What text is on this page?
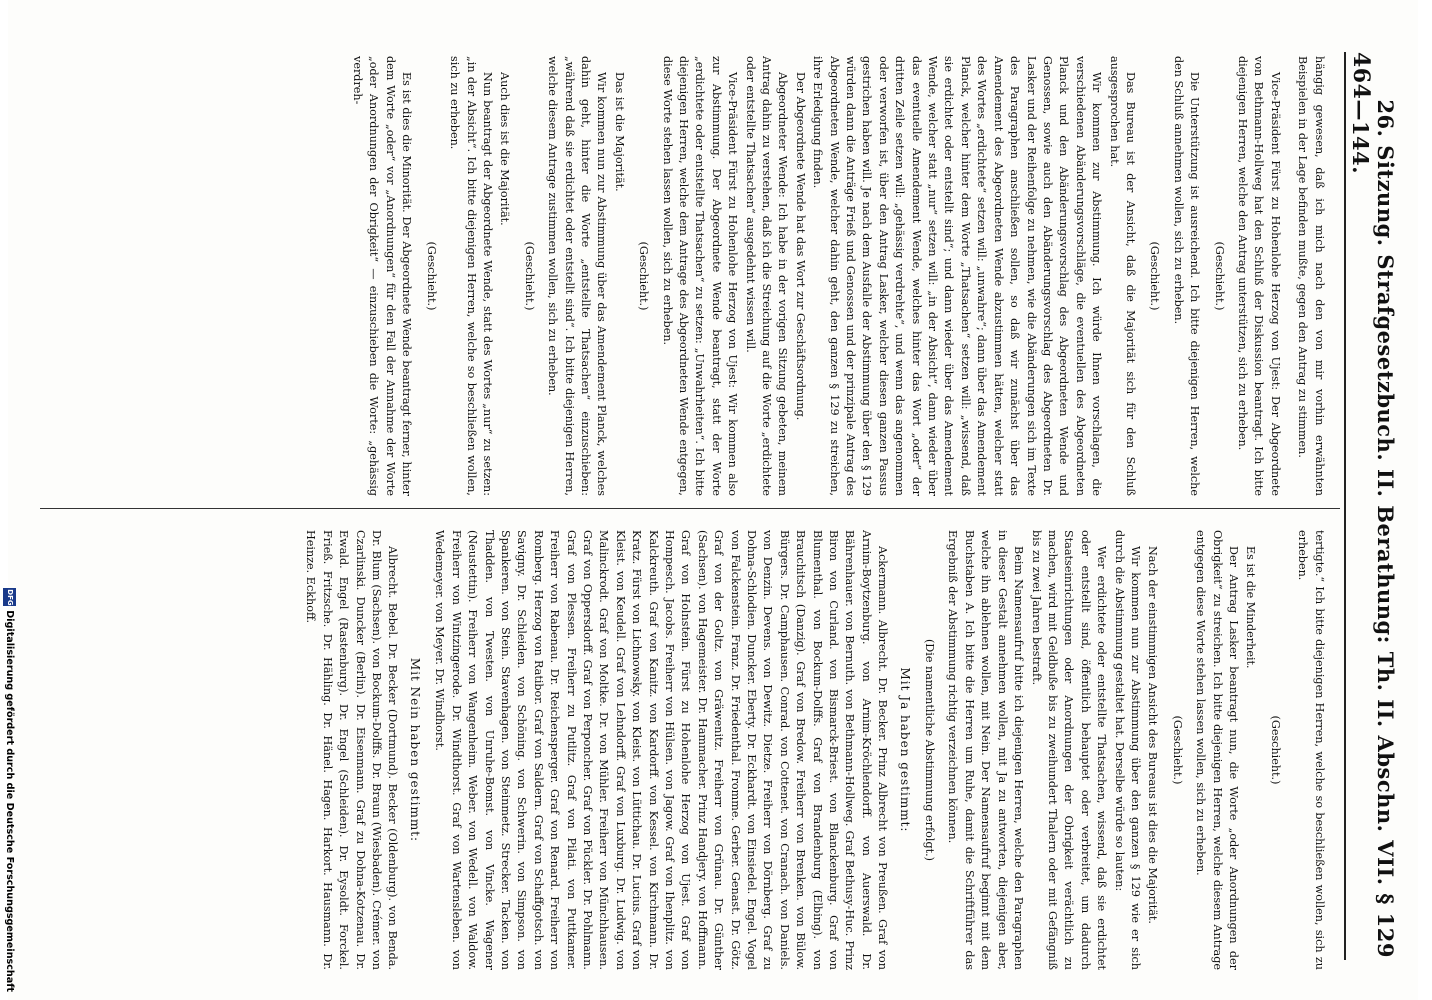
464
26. Sitzung. Strafgesetzbuch. II. Berathung: Th. II. Abschn. VII. § 129—144.

hängig gewesen, daß ich mich nach den von mir vorhin erwähnten Beispielen in der Lage befinden mußte, gegen den Antrag zu stimmen.

Vice-Präsident Fürst zu Hohenlohe Herzog von Ujest: Der Abgeordnete von Bethmann-Hollweg hat den Schluß der Diskussion beantragt. Ich bitte diejenigen Herren, welche den Antrag unterstützen, sich zu erheben.

(Geschieht.)

Die Unterstützung ist ausreichend. Ich bitte diejenigen Herren, welche den Schluß annehmen wollen, sich zu erheben.

(Geschieht.)

Das Bureau ist der Ansicht, daß die Majorität sich für den Schluß ausgesprochen hat.

Wir kommen zur Abstimmung. Ich würde Ihnen vorschlagen, die verschiedenen Abänderungsvorschläge, die eventuellen des Abgeordneten Planck und den Abänderungsvorschlag des Abgeordneten Wende und Genossen, sowie auch den Abänderungsvorschlag des Abgeordneten Dr. Lasker und der Reihenfolge zu nehmen, wie die Abänderungen sich im Texte des Paragraphen anschließen sollen, so daß wir zunächst über das Amendement des Abgeordneten Wende abzustimmen hätten, welcher statt des Wortes „erdichtete“ setzen will: „unwahre“; dann über das Amendement Planck, welcher hinter dem Worte „Thatsachen“ setzen will: „wissend, daß sie erdichtet oder entstellt sind“; und dann wieder über das Amendement Wende, welcher statt „nur“ setzen will: „in der Absicht“, dann wieder über das eventuelle Amendement Wende, welches hinter das Wort „oder“ der dritten Zeile setzen will: „gehässig verdrehte“, und wenn das angenommen oder verworfen ist, über den Antrag Lasker, welcher diesen ganzen Passus gestrichen haben will. Je nach dem Ausfalle der Abstimmung über den § 129 würden dann die Anträge Frieß und Genossen und der prinzipale Antrag des Abgeordneten Wende, welcher dahin geht, den ganzen § 129 zu streichen, ihre Erledigung finden.

Der Abgeordnete Wende hat das Wort zur Geschäftsordnung.

Abgeordneter Wende: Ich habe in der vorigen Sitzung gebeten, meinem Antrag dahin zu verstehen, daß ich die Streichung auf die Worte „erdichtete oder entstellte Thatsachen“ ausgedehnt wissen will.

Vice-Präsident Fürst zu Hohenlohe Herzog von Ujest: Wir kommen also zur Abstimmung. Der Abgeordnete Wende beantragt, statt der Worte „erdichtete oder entstellte Thatsachen“ zu setzen: „Unwahrheiten“. Ich bitte diejenigen Herren, welche dem Antrage des Abgeordneten Wende entgegen, diese Worte stehen lassen wollen, sich zu erheben.

(Geschieht.)

Das ist die Majorität.

Wir kommen nun zur Abstimmung über das Amendement Planck, welches dahin geht, hinter die Worte „entstellte Thatsachen“ einzuschieben: „während daß sie erdichtet oder entstellt sind“. Ich bitte diejenigen Herren, welche diesem Antrage zustimmen wollen, sich zu erheben.

(Geschieht.)

Auch dies ist die Majorität.

Nun beantragt der Abgeordnete Wende, statt des Wortes „nur“ zu setzen: „in der Absicht“. Ich bitte diejenigen Herren, welche so beschließen wollen, sich zu erheben.

(Geschieht.)

Es ist dies die Minorität. Der Abgeordnete Wende beantragt ferner, hinter dem Worte „oder“ vor „Anordnungen“ für den Fall der Annahme der Worte „oder Anordnungen der Obrigkeit“ — einzuschieben die Worte: „gehässig verdreh-

tertigte.“ Ich bitte diejenigen Herren, welche so beschließen wollen, sich zu erheben.

(Geschieht.)

Es ist die Minderheit.

Der Antrag Lasker beantragt nun, die Worte „oder Anordnungen der Obrigkeit“ zu streichen. Ich bitte diejenigen Herren, welche diesem Antrage entgegen diese Worte stehen lassen wollen, sich zu erheben.

(Geschieht.)

Nach der einstimmigen Ansicht des Bureaus ist dies die Majorität.

Wir kommen nun zur Abstimmung über den ganzen § 129 wie er sich durch die Abstimmung gestaltet hat. Derselbe würde so lauten:

Wer erdichtete oder entstellte Thatsachen, wissend, daß sie erdichtet oder entstellt sind, öffentlich behauptet oder verbreitet, um dadurch Staatseinrichtungen oder Anordnungen der Obrigkeit verächtlich zu machen, wird mit Geldbuße bis zu zweihundert Thalern oder mit Gefängniß bis zu zwei Jahren bestraft.

Beim Namensaufruf bitte ich diejenigen Herren, welche den Paragraphen in dieser Gestalt annehmen wollen, mit Ja zu antworten, diejenigen aber, welche ihn ablehnen wollen, mit Nein. Der Namensaufruf beginnt mit dem Buchstaben A. Ich bitte die Herren um Ruhe, damit die Schriftführer das Ergebniß der Abstimmung richtig verzeichnen können.

(Die namentliche Abstimmung erfolgt.)

Mit Ja haben gestimmt:

Ackermann. Albrecht. Dr. Becker. Prinz Albrecht von Preußen. Graf von Arnim-Boytzenburg. von Arnim-Kröchlendorff. von Auerswald. Dr. Bährenhauer. von Bernuth. von Bethmann-Hollweg. Graf Bethusy-Huc. Prinz Biron von Curland. von Bismarck-Briest. von Blanckenburg. Graf von Blumenthal. von Bockum-Dolffs. Graf von Brandenburg (Elbing). von Brauchitsch (Danzig). Graf von Bredow. Freiherr von Brenken. von Bülow. Bürgers. Dr. Camphausen. Conrad. von Cottenet. von Cranach. von Daniels. von Denzin. Devens. von Dewitz. Dietze. Freiherr von Dörnberg. Graf zu Dohna-Schlodien. Duncker. Eberty. Dr. Eckhardt. von Einsiedel. Engel. Vogel von Falckenstein. Franz. Dr. Friedenthal. Fromme. Gerber. Genast. Dr. Götz. Graf von der Goltz. von Gräwenitz. Freiherr von Grünau. Dr. Günther (Sachsen). von Hagemeister. Dr. Hammacher. Prinz Handjery. von Hoffmann. Graf von Holnstein. Fürst zu Hohenlohe Herzog von Ujest. Graf von Hompesch. Jacobs. Freiherr von Hülsen. von Jagow. Graf von Ihenplitz. von Kalckreuth. Graf von Kanitz. von Kardorff. von Kessel. von Kirchmann. Dr. Kratz. Fürst von Lichnowsky. von Kleist. von Lüttichau. Dr. Lucius. Graf von Kleist. von Keudell. Graf von Lehndorff. Graf von Luxburg. Dr. Ludwig. von Malinckrodt. Graf von Moltke. Dr. von Mühler. Freiherr von Münchhausen. Graf von Oppersdorff. Graf von Perponcher. Graf von Pückler. Dr. Pohlmann. Graf von Plessen. Freiherr zu Putlitz. Graf von Pilati. von Puttkamer. Freiherr von Rabenau. Dr. Reichensperger. Graf von Renard. Freiherr von Romberg. Herzog von Ratibor. Graf von Saldern. Graf von Schaffgotsch. von Savigny. Dr. Schleiden. von Schöning. von Schwerin. von Simpson. von Spankeren. von Stein. Stavenhagen. von Steinmetz. Strecker. Tacken. von Thadden. von Twesten. von Unruhe-Bomst. von Vincke. Wagener (Neustettin). Freiherr von Wangenheim. Weber. von Wedell. von Waldow. Freiherr von Wintzingerode. Dr. Windthorst. Graf von Wartensleben. von Wedemeyer. von Meyer. Dr. Windhorst.

Mit Nein haben gestimmt:

Albrecht. Bebel. Dr. Becker (Dortmund). Becker (Oldenburg). von Benda. Dr. Blum (Sachsen). von Bockum-Dolffs. Dr. Braun (Wiesbaden). Crémer. von Czarlinski. Duncker (Berlin). Dr. Eisenmann. Graf zu Dohna-Kotzenau. Dr. Ewald. Engel (Rastenburg). Dr. Engel (Schleiden). Dr. Eysoldt. Forckel. Frieß. Fritzsche. Dr. Hähling. Dr. Hänel. Hagen. Harkort. Hausmann. Dr. Heinze. Eckhoff.

DFG
Digitalisierung gefördert durch die Deutsche Forschungsgemeinschaft
